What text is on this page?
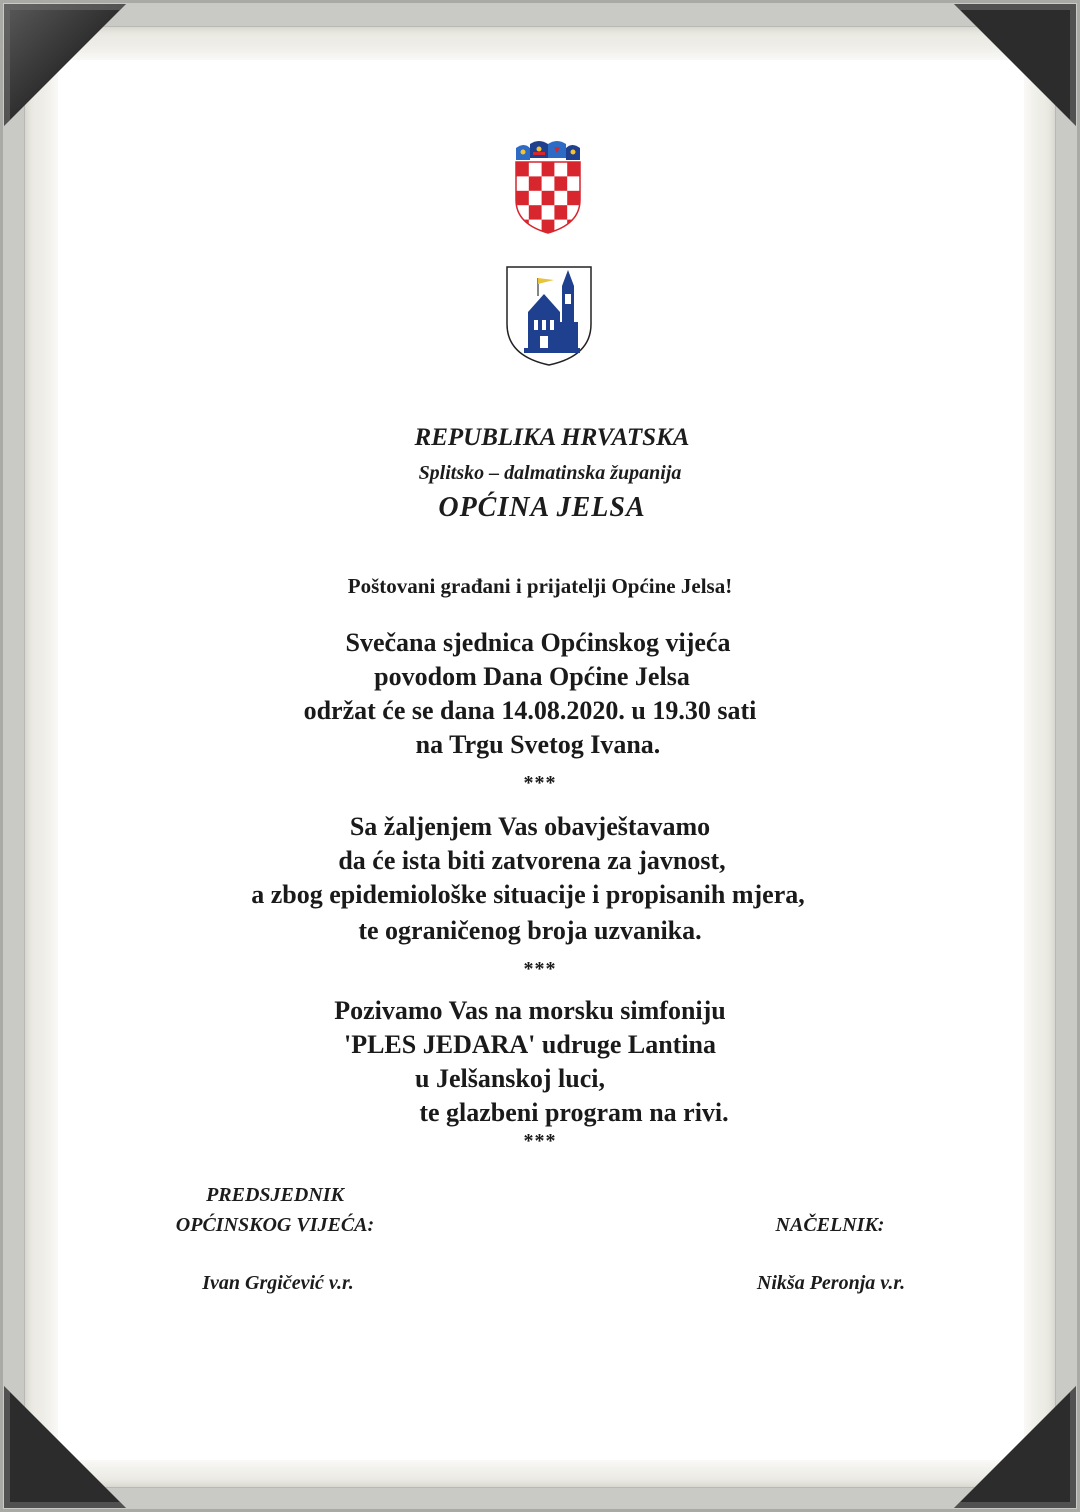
REPUBLIKA HRVATSKA
Splitsko – dalmatinska županija
OPĆINA JELSA
Poštovani građani i prijatelji Općine Jelsa!
Svečana sjednica Općinskog vijeća
povodom Dana Općine Jelsa
održat će se dana 14.08.2020. u 19.30 sati
na Trgu Svetog Ivana.
***
Sa žaljenjem Vas obavještavamo
da će ista biti zatvorena za javnost,
a zbog epidemiološke situacije i propisanih mjera,
te ograničenog broja uzvanika.
***
Pozivamo Vas na morsku simfoniju
'PLES JEDARA' udruge Lantina
u Jelšanskoj luci,
te glazbeni program na rivi.
***
PREDSJEDNIK
OPĆINSKOG VIJEĆA:
Ivan Grgičević v.r.
NAČELNIK:
Nikša Peronja v.r.
